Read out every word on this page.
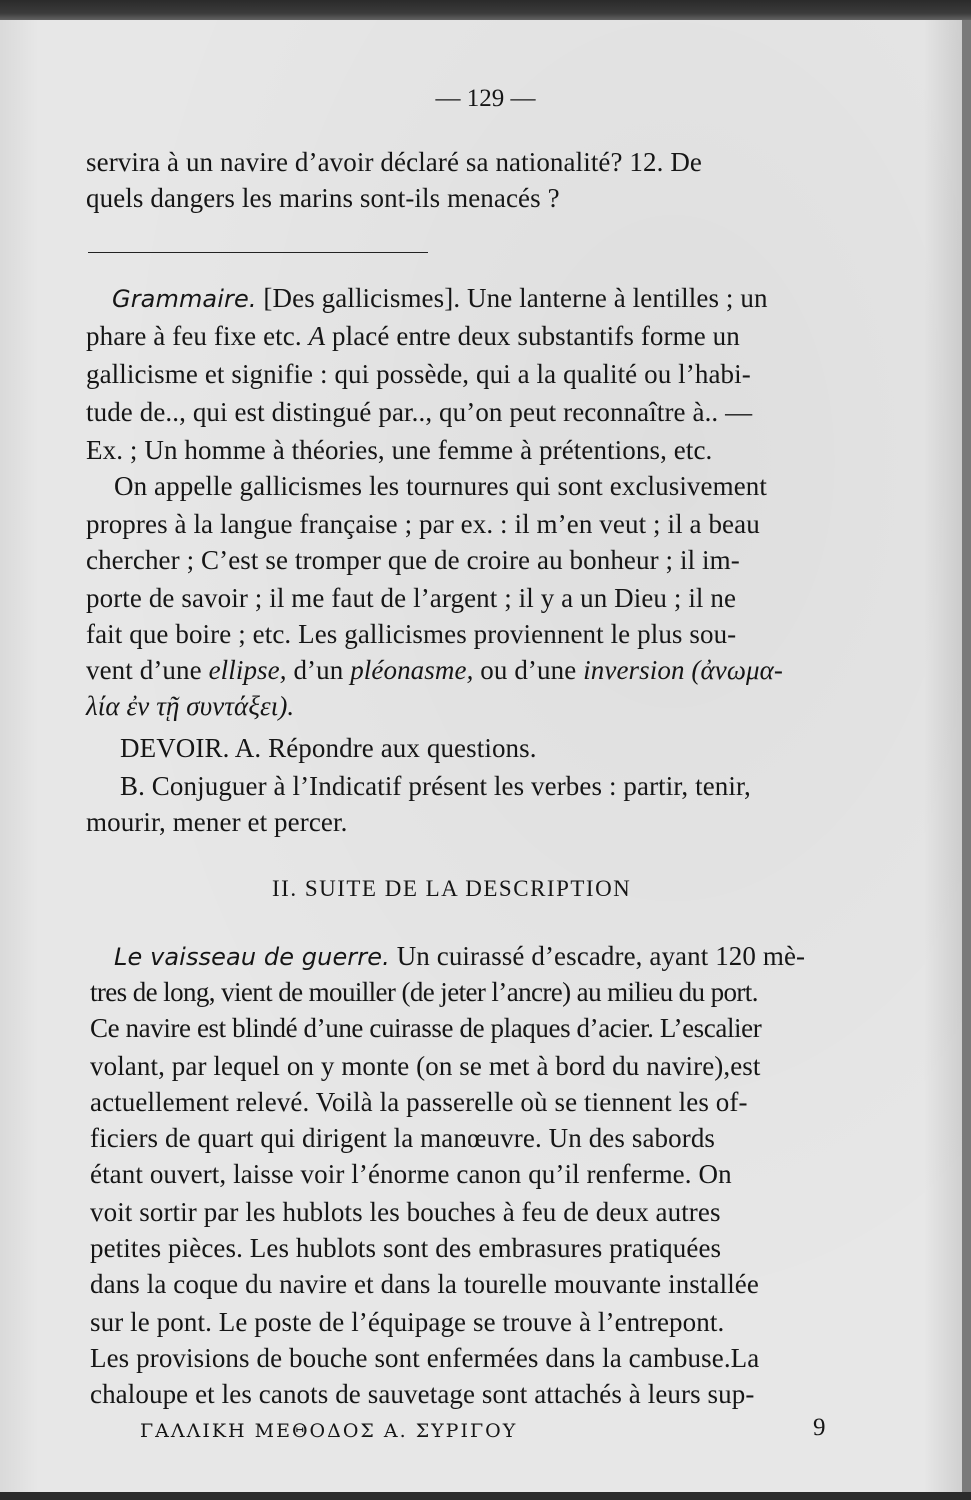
— 129 —
servira à un navire d’avoir déclaré sa nationalité? 12. De
quels dangers les marins sont-ils menacés ?
Grammaire. [Des gallicismes]. Une lanterne à lentilles ; un
phare à feu fixe etc. A placé entre deux substantifs forme un
gallicisme et signifie : qui possède, qui a la qualité ou l’habi-
tude de.., qui est distingué par.., qu’on peut reconnaître à.. —
Ex. ; Un homme à théories, une femme à prétentions, etc.
On appelle gallicismes les tournures qui sont exclusivement
propres à la langue française ; par ex. : il m’en veut ; il a beau
chercher ; C’est se tromper que de croire au bonheur ; il im-
porte de savoir ; il me faut de l’argent ; il y a un Dieu ; il ne
fait que boire ; etc. Les gallicismes proviennent le plus sou-
vent d’une ellipse, d’un pléonasme, ou d’une inversion (ἀνωμα-
λία ἐν τῇ συντάξει).
DEVOIR. A. Répondre aux questions.
B. Conjuguer à l’Indicatif présent les verbes : partir, tenir,
mourir, mener et percer.
II. SUITE DE LA DESCRIPTION
Le vaisseau de guerre. Un cuirassé d’escadre, ayant 120 mè-
tres de long, vient de mouiller (de jeter l’ancre) au milieu du port.
Ce navire est blindé d’une cuirasse de plaques d’acier. L’escalier
volant, par lequel on y monte (on se met à bord du navire),est
actuellement relevé. Voilà la passerelle où se tiennent les of-
ficiers de quart qui dirigent la manœuvre. Un des sabords
étant ouvert, laisse voir l’énorme canon qu’il renferme. On
voit sortir par les hublots les bouches à feu de deux autres
petites pièces. Les hublots sont des embrasures pratiquées
dans la coque du navire et dans la tourelle mouvante installée
sur le pont. Le poste de l’équipage se trouve à l’entrepont.
Les provisions de bouche sont enfermées dans la cambuse.La
chaloupe et les canots de sauvetage sont attachés à leurs sup-
ΓΑΛΛΙΚΗ ΜΕΘΟΔΟΣ Α. ΣΥΡΙΓΟΥ	9
